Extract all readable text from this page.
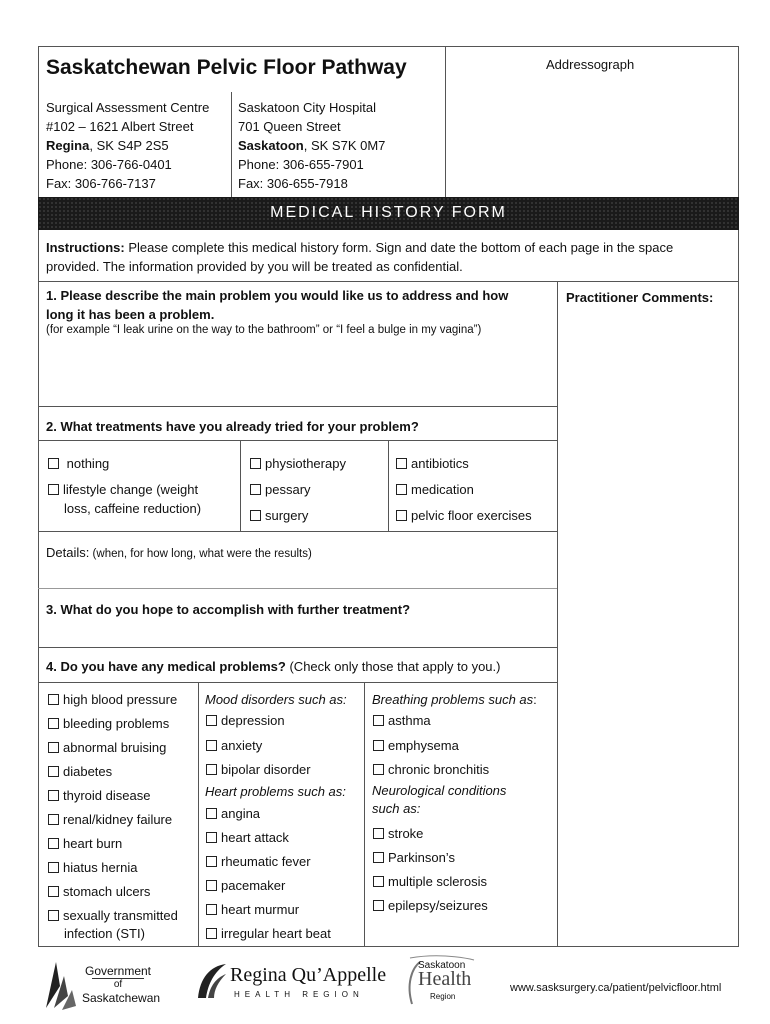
Saskatchewan Pelvic Floor Pathway	Addressograph
Surgical Assessment Centre
#102 – 1621 Albert Street
Regina, SK S4P 2S5
Phone: 306-766-0401
Fax: 306-766-7137
Saskatoon City Hospital
701 Queen Street
Saskatoon, SK S7K 0M7
Phone: 306-655-7901
Fax: 306-655-7918
MEDICAL HISTORY FORM
Instructions: Please complete this medical history form. Sign and date the bottom of each page in the space
provided. The information provided by you will be treated as confidential.
Practitioner Comments:
1. Please describe the main problem you would like us to address and how
long it has been a problem.
(for example “I leak urine on the way to the bathroom” or “I feel a bulge in my vagina”)
2. What treatments have you already tried for your problem?
nothing
lifestyle change (weight
loss, caffeine reduction)
physiotherapy
pessary
surgery
antibiotics
medication
pelvic floor exercises
Details: (when, for how long, what were the results)
3. What do you hope to accomplish with further treatment?
4. Do you have any medical problems? (Check only those that apply to you.)
high blood pressure
bleeding problems
abnormal bruising
diabetes
thyroid disease
renal/kidney failure
heart burn
hiatus hernia
stomach ulcers
sexually transmitted
infection (STI)
Mood disorders such as:
depression
anxiety
bipolar disorder
Heart problems such as:
angina
heart attack
rheumatic fever
pacemaker
heart murmur
irregular heart beat
Breathing problems such as:
asthma
emphysema
chronic bronchitis
Neurological conditions
such as:
stroke
Parkinson’s
multiple sclerosis
epilepsy/seizures
Government
of
Saskatchewan
Regina Qu’Appelle
HEALTH REGION
Saskatoon
Health
Region
www.sasksurgery.ca/patient/pelvicfloor.html
